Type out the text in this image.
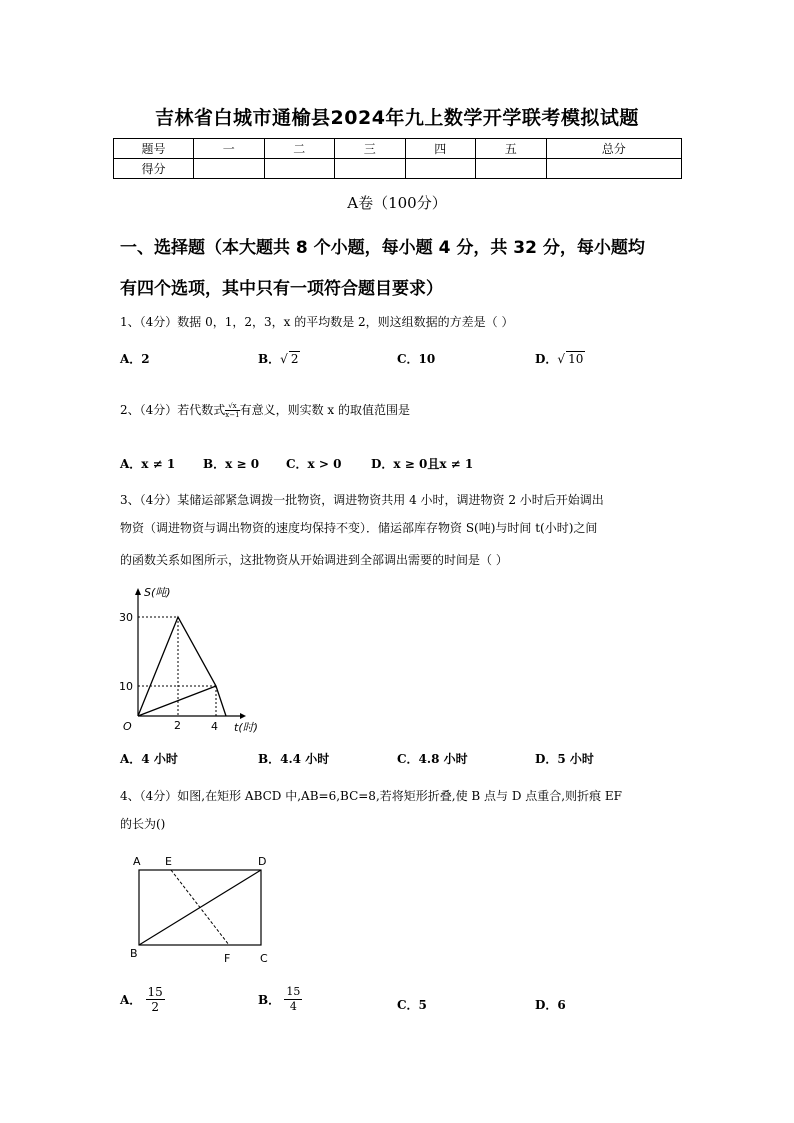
吉林省白城市通榆县2024年九上数学开学联考模拟试题
题号	一	二	三	四	五	总分
得分						
A卷（100分）
一、选择题（本大题共 8 个小题，每小题 4 分，共 32 分，每小题均
有四个选项，其中只有一项符合题目要求）
1、（4分）数据 0，1，2，3，x 的平均数是 2，则这组数据的方差是（ ）
A．2	B．√ 2	C．10	D．√ 10
2、（4分）若代数式 $\frac{√x}{x-1}$有意义，则实数 x 的取值范围是
A．x ≠ 1 B．x ≥ 0 C．x > 0 D．x ≥ 0且x ≠ 1
3、（4分）某储运部紧急调拨一批物资，调进物资共用 4 小时，调进物资 2 小时后开始调出
物资（调进物资与调出物资的速度均保持不变）．储运部库存物资 S(吨)与时间 t(小时)之间
的函数关系如图所示，这批物资从开始调进到全部调出需要的时间是（ ）
S(吨)
t(时)
O
30
10
2	4
A．4 小时	B．4.4 小时	C．4.8 小时	D．5 小时
4、（4分）如图,在矩形 ABCD 中,AB=6,BC=8,若将矩形折叠,使 B 点与 D 点重合,则折痕 EF
的长为()
A E	D
B	F	C
A． $\frac{15}{2}$	B． $\frac{15}{4}$	C．5	D．6
